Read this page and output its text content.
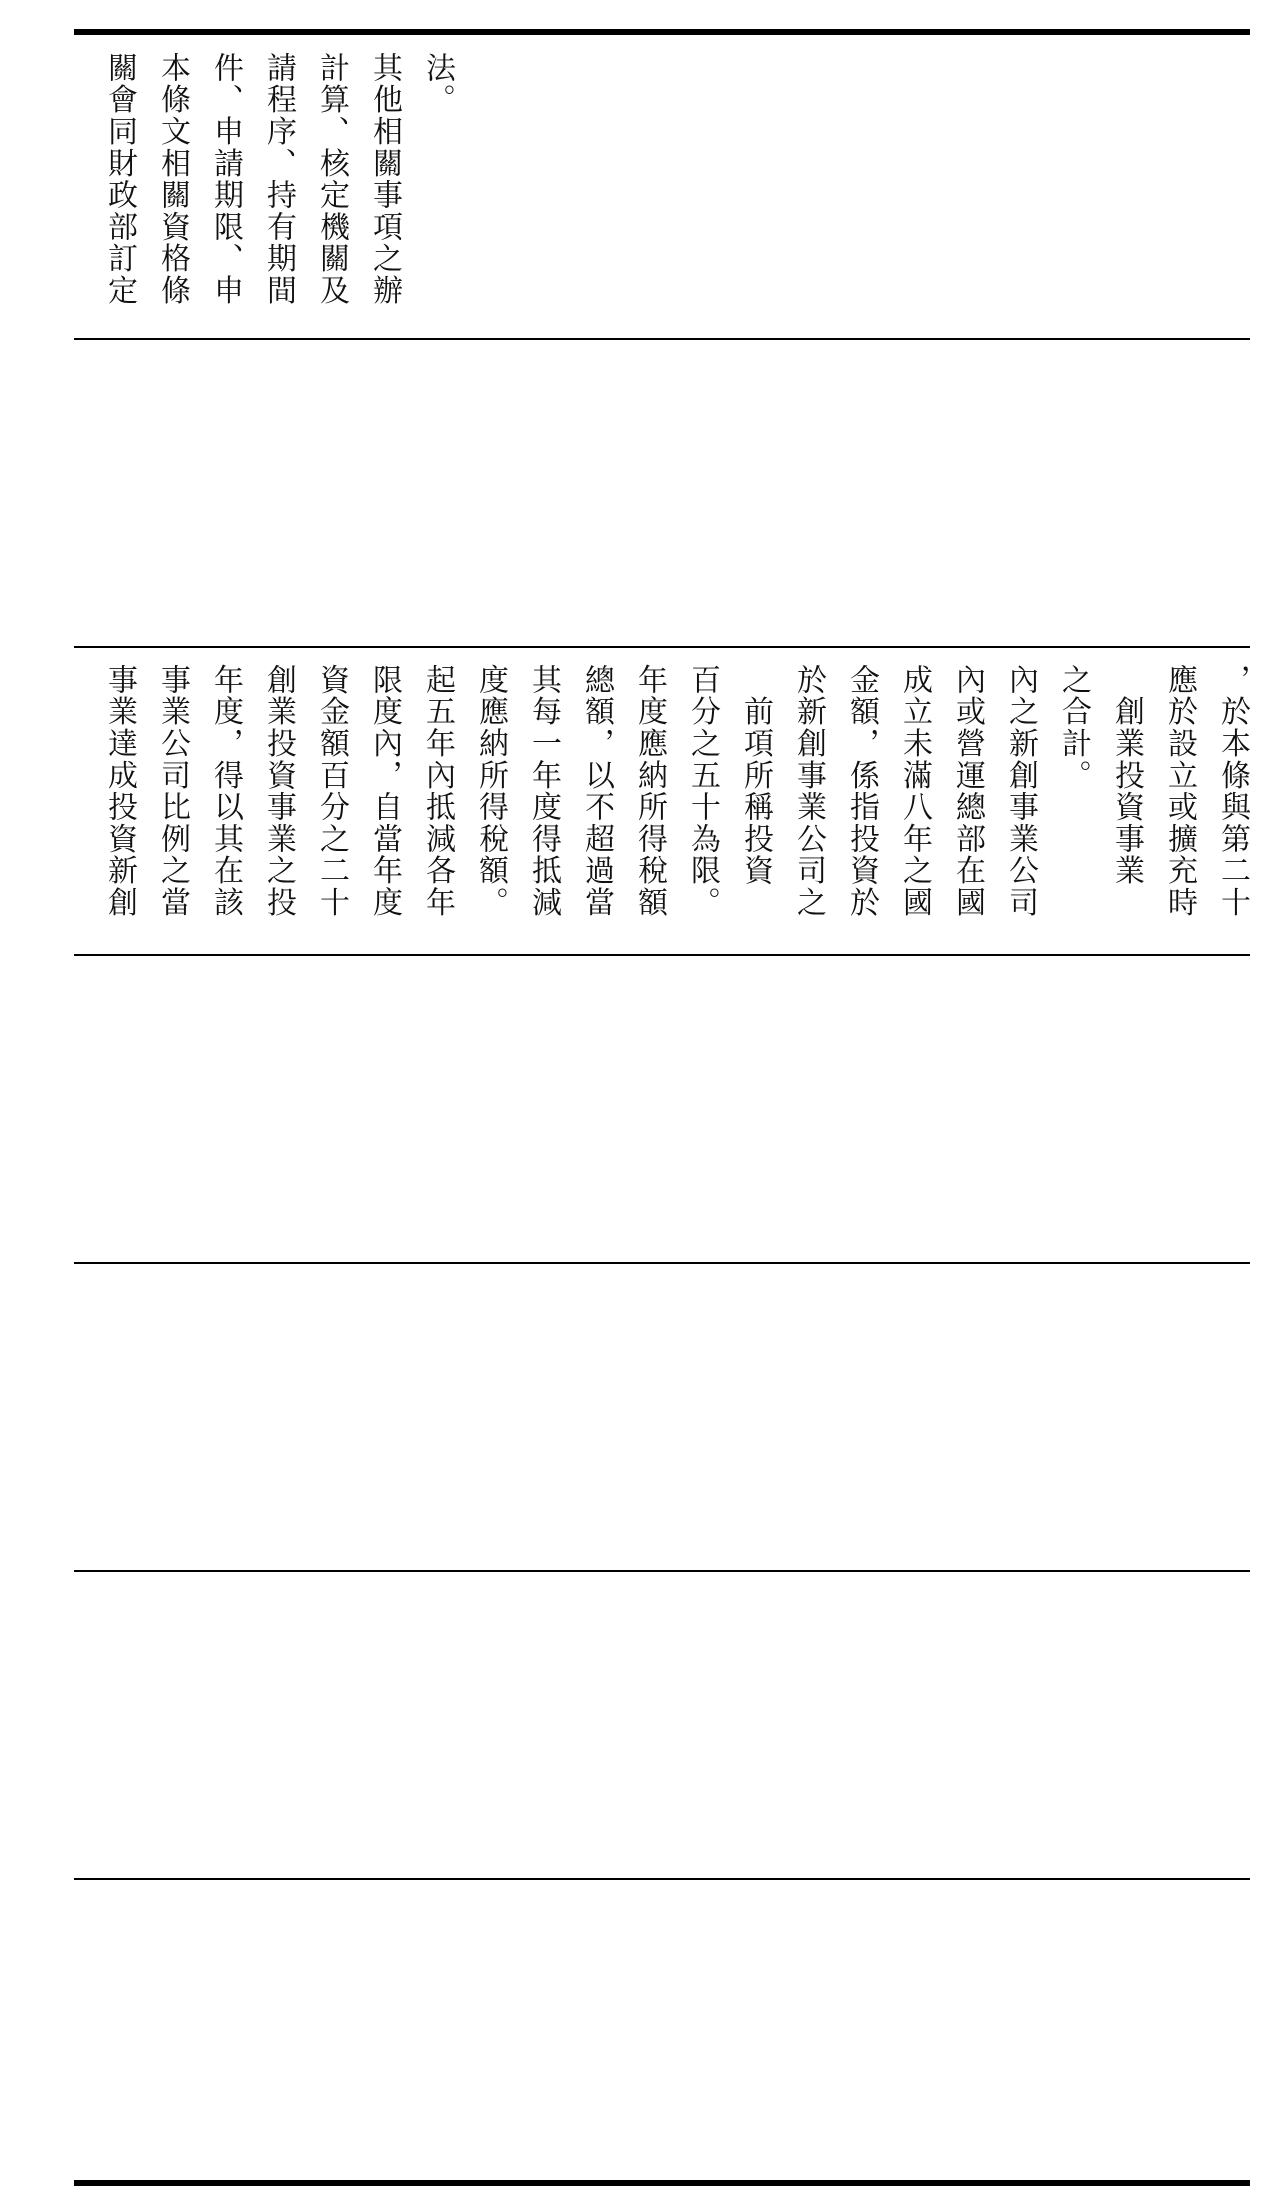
關會同財政部訂定 本條文相關資格條 件、申請期限、申 請程序、持有期間 計算、核定機關及 其他相關事項之辦 法。
事業達成投資新創 事業公司比例之當 年度，得以其在該 創業投資事業之投 資金額百分之二十 限度內，自當年度 起五年內抵減各年 度應納所得稅額。 其每一年度得抵減 總額，以不超過當 年度應納所得稅額 百分之五十為限。 　前項所稱投資 於新創事業公司之 金額，係指投資於 成立未滿八年之國 內或營運總部在國 內之新創事業公司 之合計。 　創業投資事業 應於設立或擴充時 ，於本條與第二十
